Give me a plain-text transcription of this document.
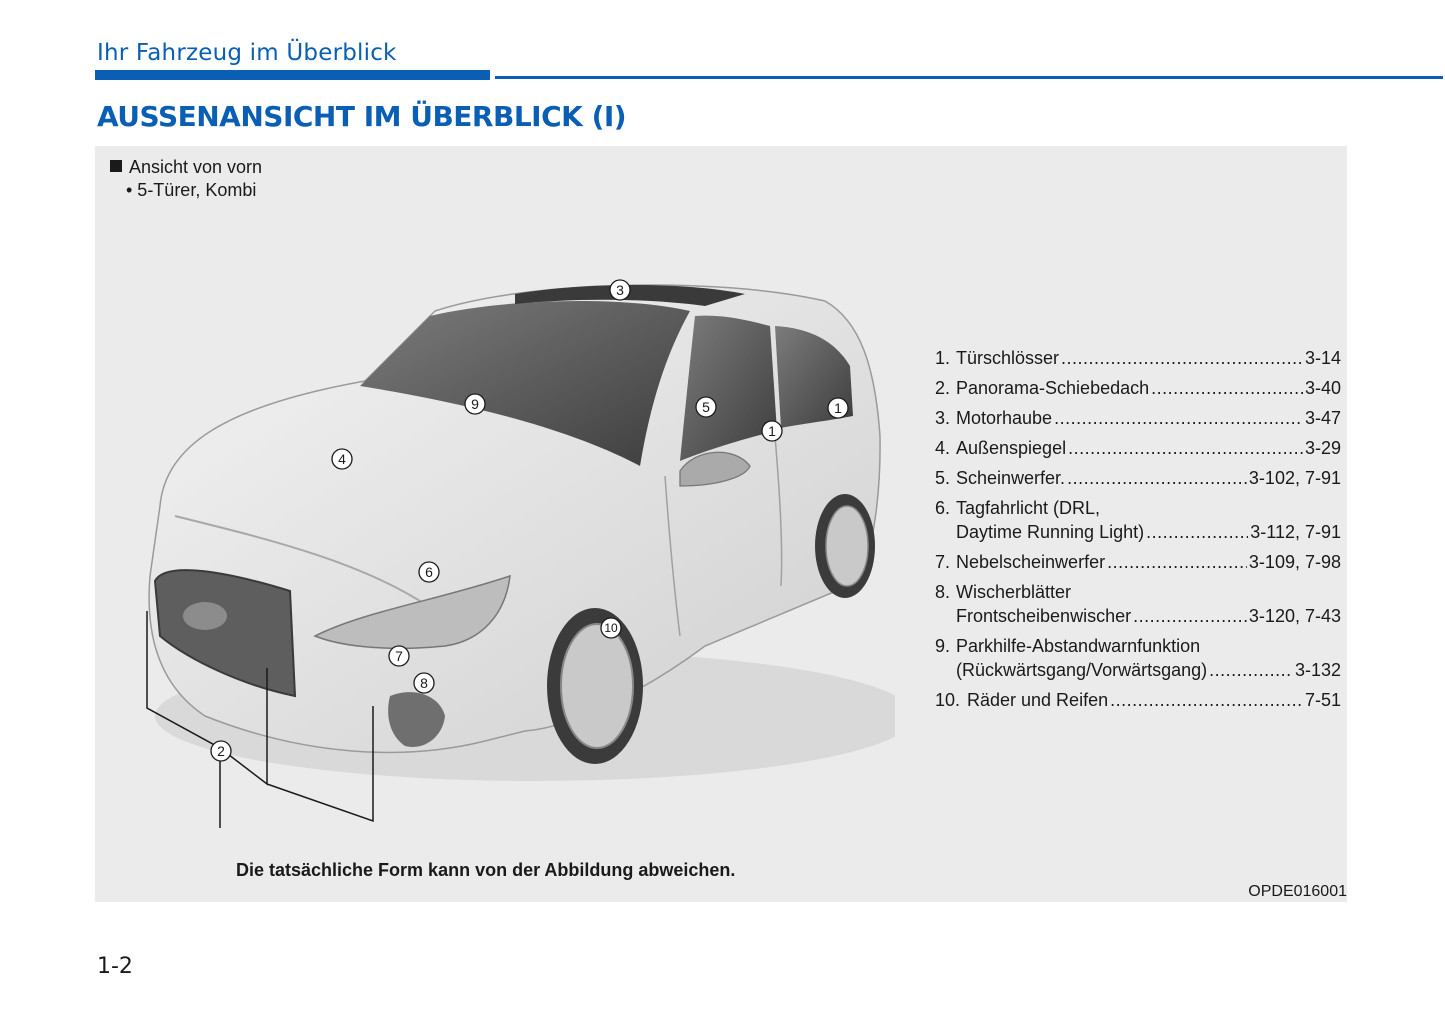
Ihr Fahrzeug im Überblick
AUSSENANSICHT IM ÜBERBLICK (I)
Ansicht von vorn
• 5-Türer, Kombi
3
9	5	1
1
4
6
10
7
8
2
1. Türschlösser .....	3-14
2. Panorama-Schiebedach .....	3-40
3. Motorhaube .....	3-47
4. Außenspiegel .....	3-29
5. Scheinwerfer. .....	3-102, 7-91
6. Tagfahrlicht (DRL,
Daytime Running Light) .....	3-112, 7-91
7. Nebelscheinwerfer .....	3-109, 7-98
8. Wischerblätter
Frontscheibenwischer .....	3-120, 7-43
9. Parkhilfe-Abstandwarnfunktion
(Rückwärtsgang/Vorwärtsgang) .....	3-132
10. Räder und Reifen .....	7-51
Die tatsächliche Form kann von der Abbildung abweichen.
OPDE016001
1-2
